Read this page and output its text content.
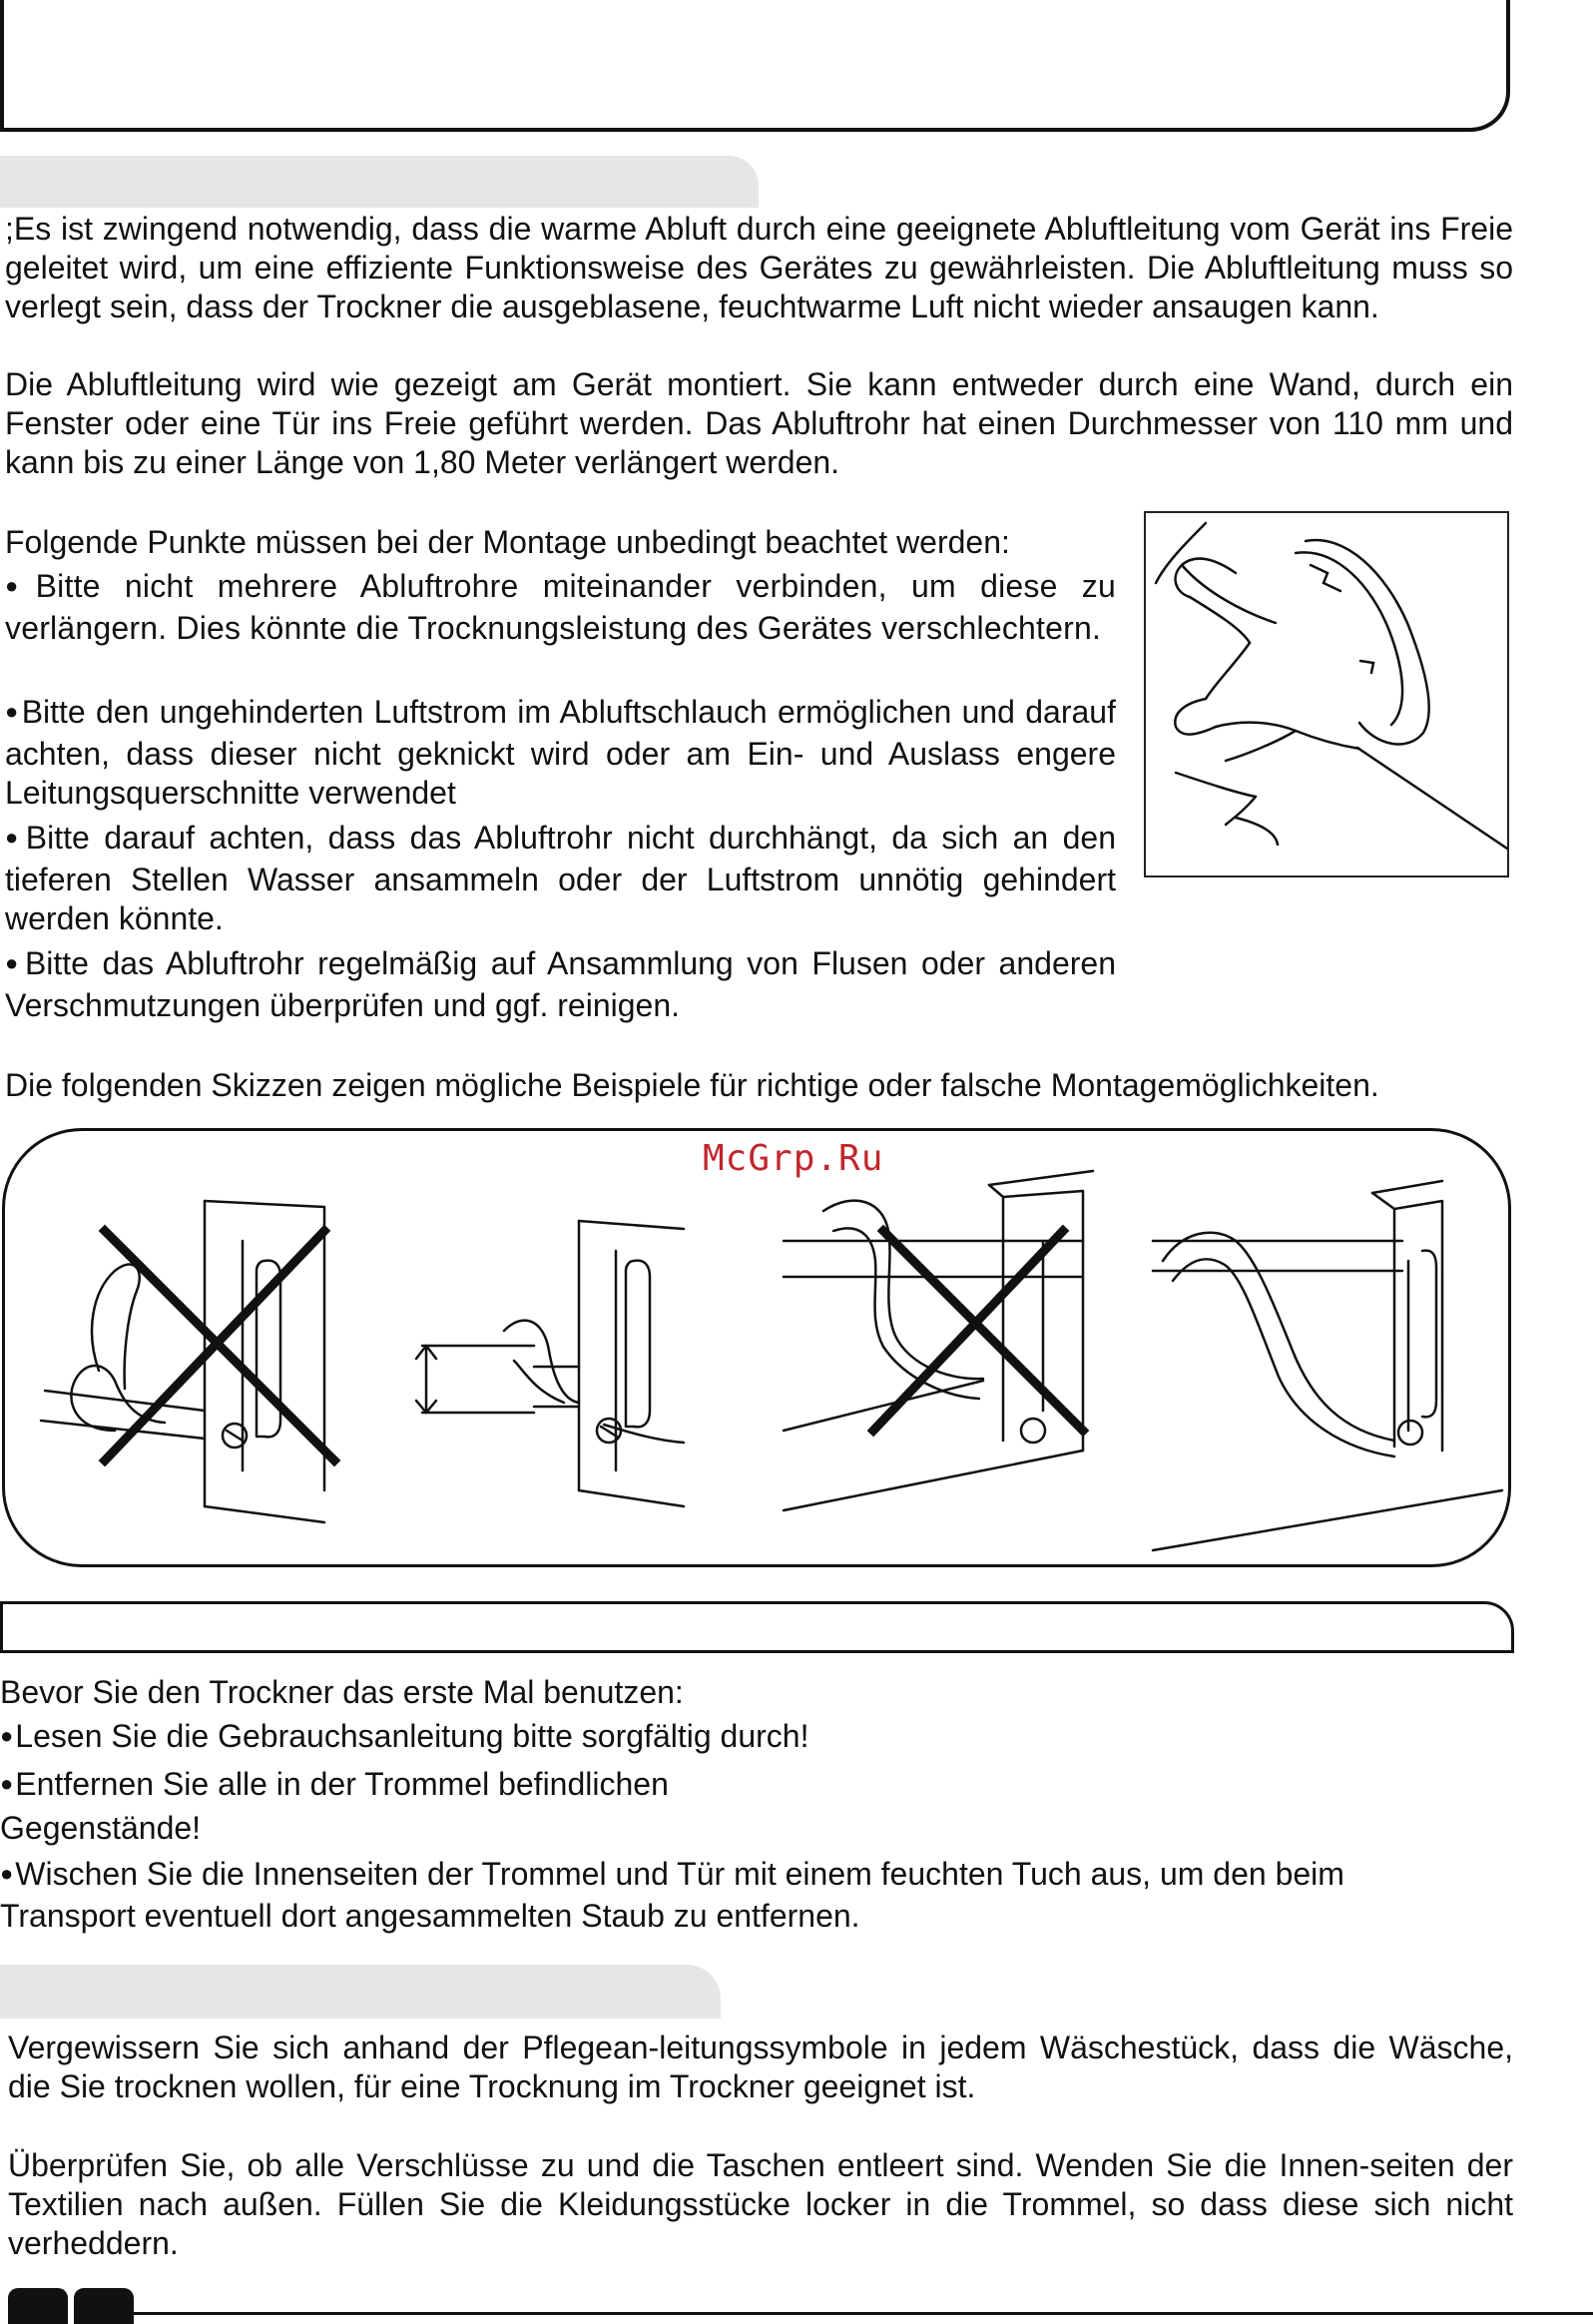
;Es ist zwingend notwendig, dass die warme Abluft durch eine geeignete Abluftleitung vom Gerät ins Freie geleitet wird, um eine effiziente Funktionsweise des Gerätes zu gewährleisten. Die Abluftleitung muss so verlegt sein, dass der Trockner die ausgeblasene, feuchtwarme Luft nicht wieder ansaugen kann.

Die Abluftleitung wird wie gezeigt am Gerät montiert. Sie kann entweder durch eine Wand, durch ein Fenster oder eine Tür ins Freie geführt werden. Das Abluftrohr hat einen Durchmesser von 110 mm und kann bis zu einer Länge von 1,80 Meter verlängert werden.

Folgende Punkte müssen bei der Montage unbedingt beachtet werden:

● Bitte nicht mehrere Abluftrohre miteinander verbinden, um diese zu verlängern. Dies könnte die Trocknungsleistung des Gerätes verschlechtern.

● Bitte den ungehinderten Luftstrom im Abluftschlauch ermöglichen und darauf achten, dass dieser nicht geknickt wird oder am Ein- und Auslass engere Leitungsquerschnitte verwendet

● Bitte darauf achten, dass das Abluftrohr nicht durchhängt, da sich an den tieferen Stellen Wasser ansammeln oder der Luftstrom unnötig gehindert werden könnte.

● Bitte das Abluftrohr regelmäßig auf Ansammlung von Flusen oder anderen Verschmutzungen überprüfen und ggf. reinigen.

Die folgenden Skizzen zeigen mögliche Beispiele für richtige oder falsche Montagemöglichkeiten.

McGrp.Ru

Bevor Sie den Trockner das erste Mal benutzen:

● Lesen Sie die Gebrauchsanleitung bitte sorgfältig durch!

● Entfernen Sie alle in der Trommel befindlichen

Gegenstände!

● Wischen Sie die Innenseiten der Trommel und Tür mit einem feuchten Tuch aus, um den beim Transport eventuell dort angesammelten Staub zu entfernen.

Vergewissern Sie sich anhand der Pflegean-leitungssymbole in jedem Wäschestück, dass die Wäsche, die Sie trocknen wollen, für eine Trocknung im Trockner geeignet ist.

Überprüfen Sie, ob alle Verschlüsse zu und die Taschen entleert sind. Wenden Sie die Innen-seiten der Textilien nach außen. Füllen Sie die Kleidungsstücke locker in die Trommel, so dass diese sich nicht verheddern.
